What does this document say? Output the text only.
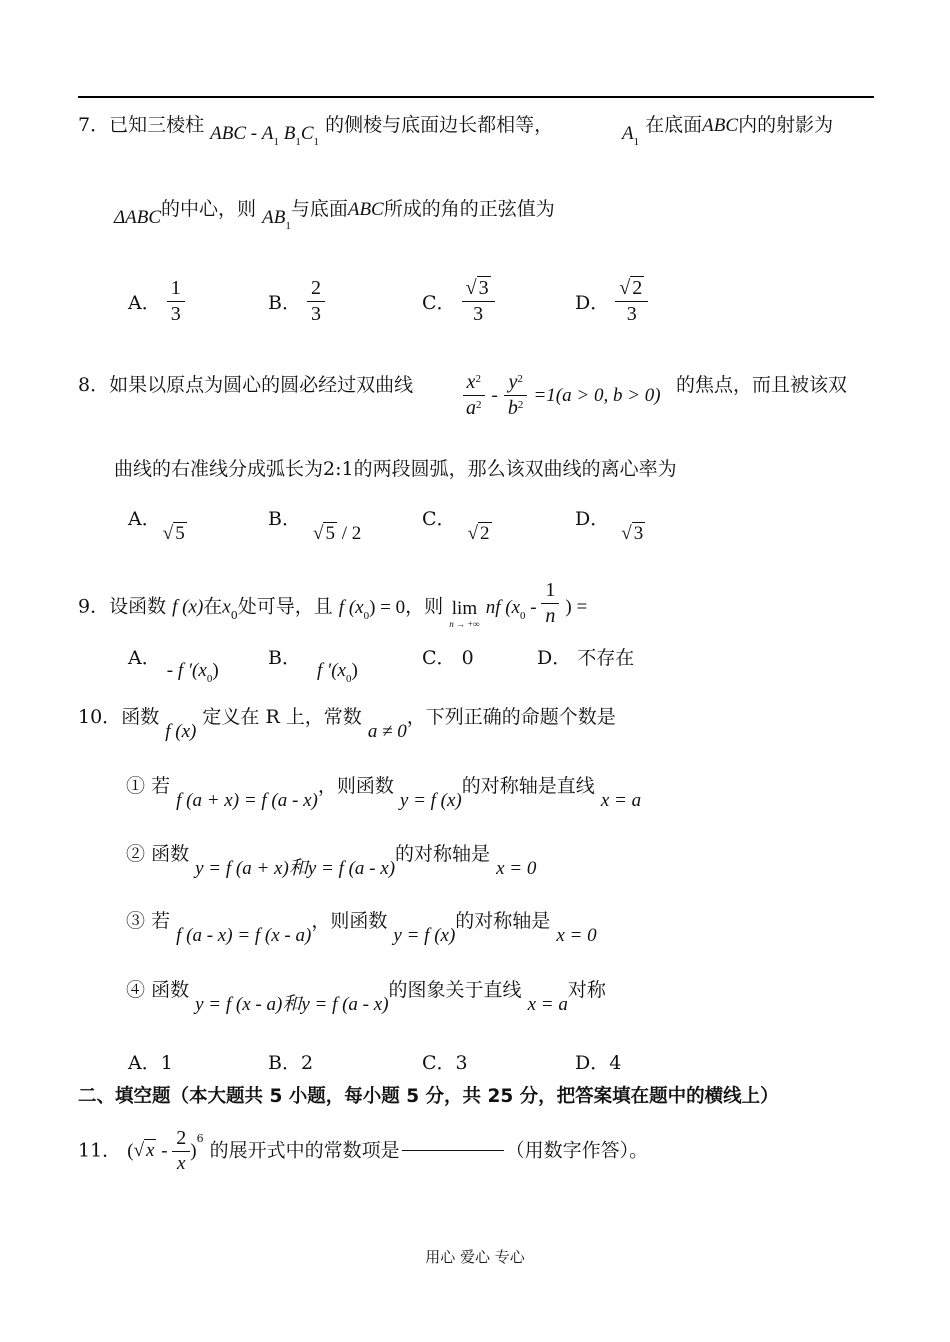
7．已知三棱柱 ABC - $A_1$ $B_1C_1$ 的侧棱与底面边长都相等，	$A_1$ 在底面ABC内的射影为
ΔABC的中心，则 $AB_1$与底面ABC所成的角的正弦值为
A． $\frac{1}{3}$	B． $\frac{2}{3}$	C． $\frac{√ 3}{3}$	D． $\frac{√ 2}{3}$
8．如果以原点为圆心的圆必经过双曲线 $\frac{x^2}{a^2} - \frac{y^2}{b^2} =1(a > 0$, b > 0) 的焦点，而且被该双
曲线的右准线分成弧长为2:1的两段圆弧，那么该双曲线的离心率为
A． √ 5
B． √ 5 / 2
C． √ 2
D． √ 3
9．设函数 f (x)在$x_0$处可导，且 f $(x_0) = 0$，则 lim
n → +∞
nf ($x_0 - \frac{1}{n}$ ) =
A． - f $'(x_0)$
B． f $'(x_0)$
C． 0	D． 不存在
10．函数 f (x) 定义在 R 上，常数 a ≠ 0，下列正确的命题个数是
① 若 f (a + x) = f (a - x)，则函数 y = f (x)的对称轴是直线 x = a
② 函数 y = f (a + x)和y = f (a - x)的对称轴是 x = 0
③ 若 f (a - x) = f (x - a)，则函数 y = f (x)的对称轴是 x = 0
④ 函数 y = f (x - a)和y = f (a - x)的图象关于直线 x = a对称
A．1	B．2	C．3	D．4
二、填空题（本大题共 5 小题，每小题 5 分，共 25 分，把答案填在题中的横线上）
11． (√ x - $\frac{2}{x} )^6$ 的展开式中的常数项是	（用数字作答）。
用心 爱心 专心
